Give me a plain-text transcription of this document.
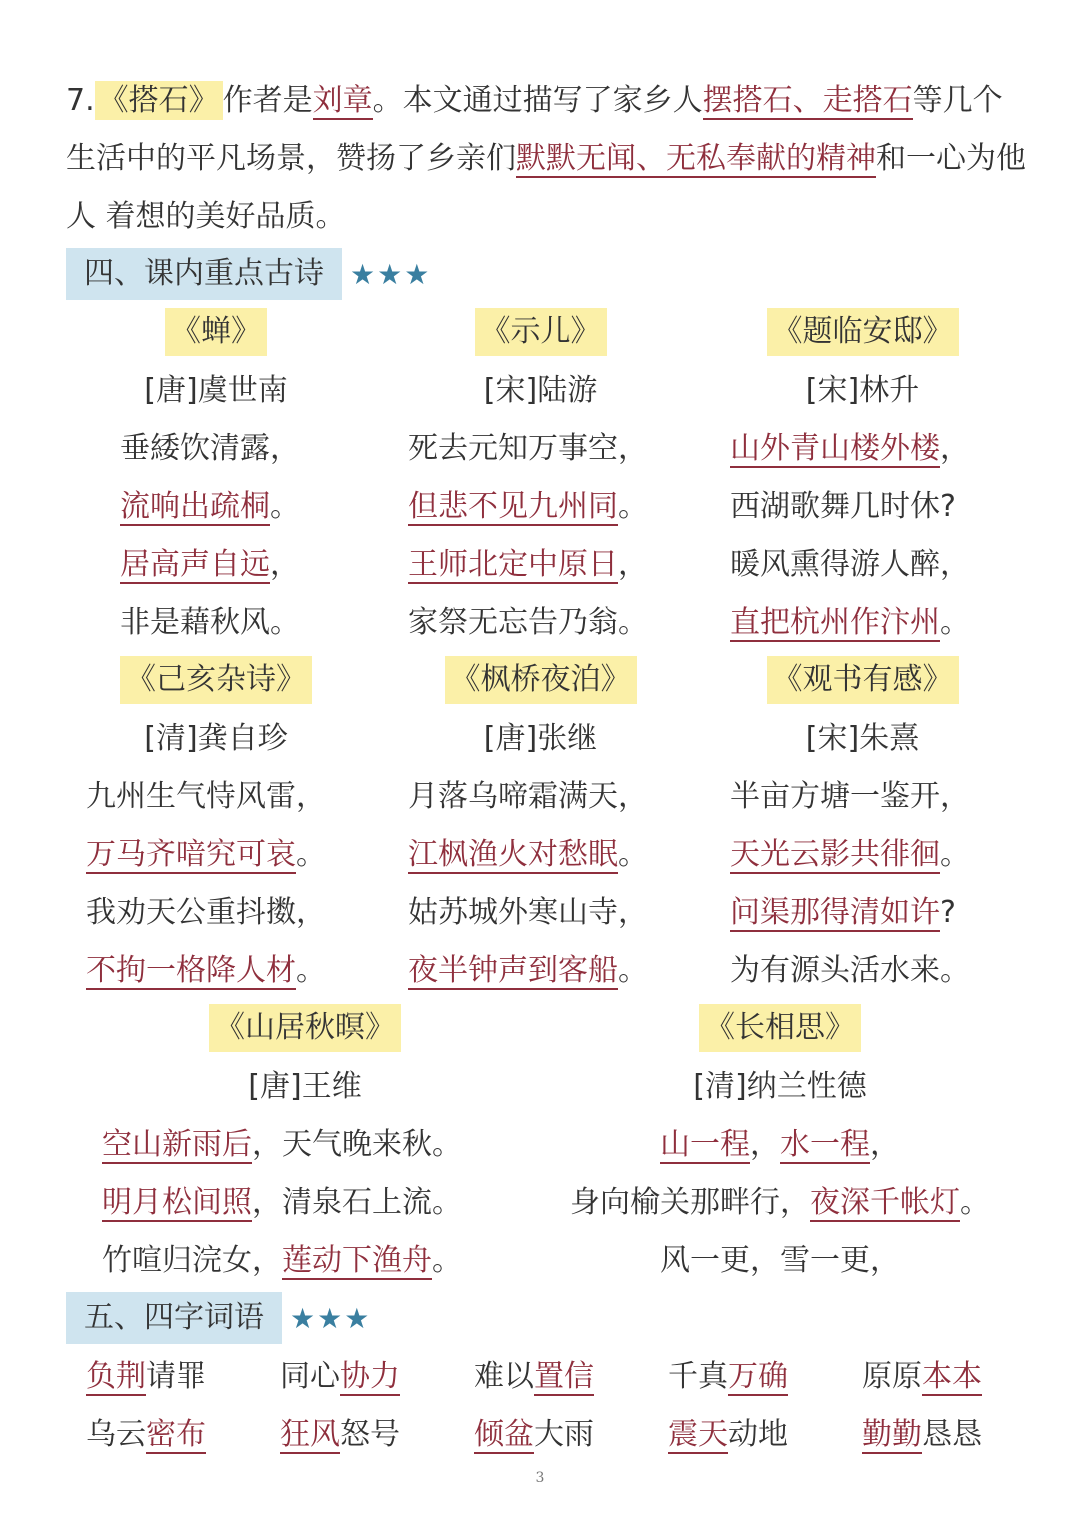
7. 《搭石》 作者是刘章。本文通过描写了家乡人摆搭石、走搭石等几个生活中的平凡场景，赞扬了乡亲们默默无闻、无私奉献的精神和一心为他人 着想的美好品质。
四、课内重点古诗 ★★★
《蝉》
[唐]虞世南
垂緌饮清露，
流响出疏桐。
居高声自远，
非是藉秋风。
《示儿》
[宋]陆游
死去元知万事空，
但悲不见九州同。
王师北定中原日，
家祭无忘告乃翁。
《题临安邸》
[宋]林升
山外青山楼外楼，
西湖歌舞几时休?
暖风熏得游人醉，
直把杭州作汴州。
《己亥杂诗》
[清]龚自珍
九州生气恃风雷，
万马齐喑究可哀。
我劝天公重抖擞，
不拘一格降人材。
《枫桥夜泊》
[唐]张继
月落乌啼霜满天，
江枫渔火对愁眠。
姑苏城外寒山寺，
夜半钟声到客船。
《观书有感》
[宋]朱熹
半亩方塘一鉴开，
天光云影共徘徊。
问渠那得清如许?
为有源头活水来。
《山居秋暝》
[唐]王维
空山新雨后，天气晚来秋。
明月松间照，清泉石上流。
竹喧归浣女，莲动下渔舟。
《长相思》
[清]纳兰性德
山一程，水一程，
身向榆关那畔行，夜深千帐灯。
风一更，雪一更，
五、四字词语 ★★★
负荆请罪	同心协力	难以置信	千真万确	原原本本
乌云密布	狂风怒号	倾盆大雨	震天动地	勤勤恳恳
3
